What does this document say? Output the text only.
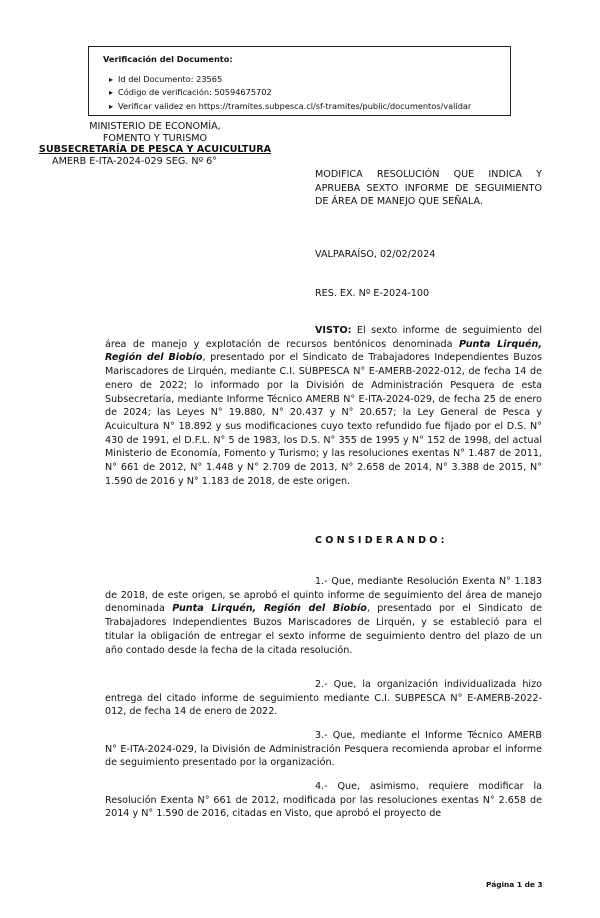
Verificación del Documento:
▸ Id del Documento: 23565
▸ Código de verificación: 50594675702
▸ Verificar validez en https://tramites.subpesca.cl/sf-tramites/public/documentos/validar
MINISTERIO DE ECONOMÍA,
FOMENTO Y TURISMO
SUBSECRETARÍA DE PESCA Y ACUICULTURA
AMERB E-ITA-2024-029 SEG. Nº 6°
MODIFICA RESOLUCIÓN QUE INDICA Y APRUEBA SEXTO INFORME DE SEGUIMIENTO DE ÁREA DE MANEJO QUE SEÑALA.
VALPARAÍSO, 02/02/2024
RES. EX. Nº E-2024-100

VISTO: El sexto informe de seguimiento del área de manejo y explotación de recursos bentónicos denominada Punta Lirquén, Región del Biobío, presentado por el Sindicato de Trabajadores Independientes Buzos Mariscadores de Lirquén, mediante C.I. SUBPESCA N° E-AMERB-2022-012, de fecha 14 de enero de 2022; lo informado por la División de Administración Pesquera de esta Subsecretaría, mediante Informe Técnico AMERB N° E-ITA-2024-029, de fecha 25 de enero de 2024; las Leyes N° 19.880, N° 20.437 y N° 20.657; la Ley General de Pesca y Acuicultura N° 18.892 y sus modificaciones cuyo texto refundido fue fijado por el D.S. N° 430 de 1991, el D.F.L. N° 5 de 1983, los D.S. N° 355 de 1995 y N° 152 de 1998, del actual Ministerio de Economía, Fomento y Turismo; y las resoluciones exentas N° 1.487 de 2011, N° 661 de 2012, N° 1.448 y N° 2.709 de 2013, N° 2.658 de 2014, N° 3.388 de 2015, N° 1.590 de 2016 y N° 1.183 de 2018, de este origen.

CONSIDERANDO:

1.- Que, mediante Resolución Exenta N° 1.183 de 2018, de este origen, se aprobó el quinto informe de seguimiento del área de manejo denominada Punta Lirquén, Región del Biobío, presentado por el Sindicato de Trabajadores Independientes Buzos Mariscadores de Lirquén, y se estableció para el titular la obligación de entregar el sexto informe de seguimiento dentro del plazo de un año contado desde la fecha de la citada resolución.

2.- Que, la organización individualizada hizo entrega del citado informe de seguimiento mediante C.I. SUBPESCA N° E-AMERB-2022-012, de fecha 14 de enero de 2022.

3.- Que, mediante el Informe Técnico AMERB N° E-ITA-2024-029, la División de Administración Pesquera recomienda aprobar el informe de seguimiento presentado por la organización.

4.- Que, asimismo, requiere modificar la Resolución Exenta N° 661 de 2012, modificada por las resoluciones exentas N° 2.658 de 2014 y N° 1.590 de 2016, citadas en Visto, que aprobó el proyecto de

Página 1 de 3
